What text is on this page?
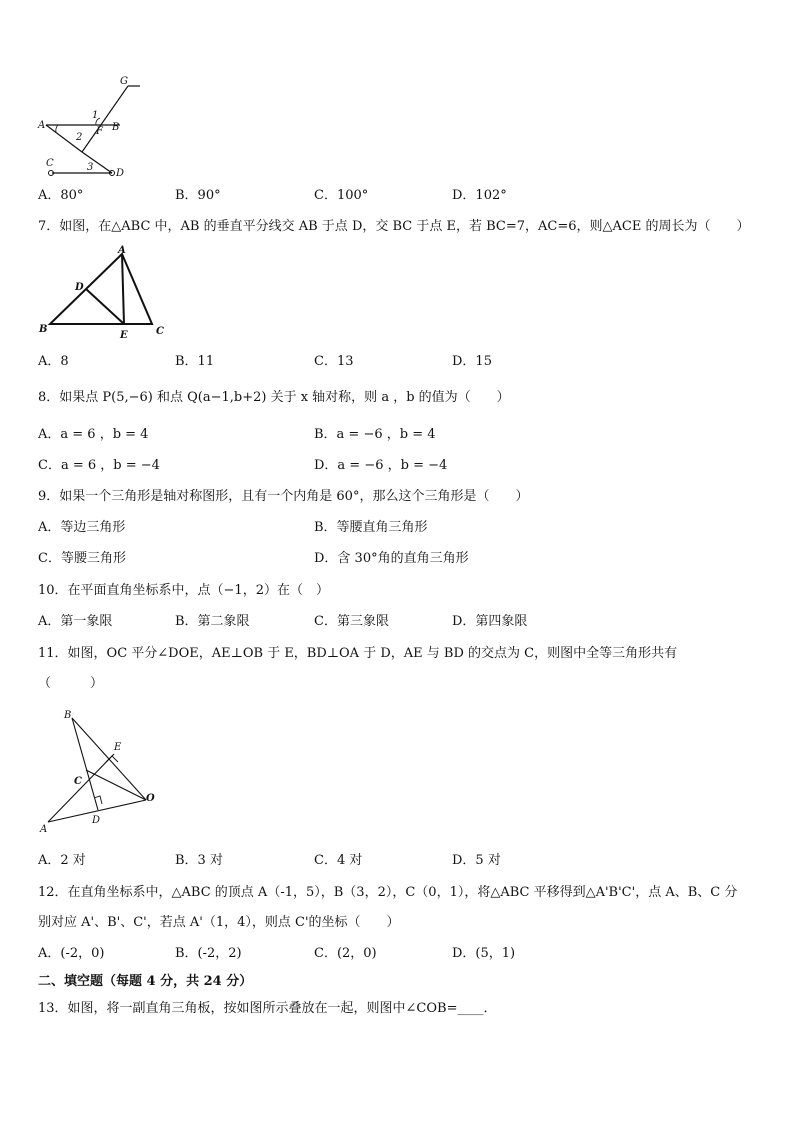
G
A	B
F
1
2
3
C
D
A．80°	B．90°	C．100°	D．102°
7．如图，在△ABC 中，AB 的垂直平分线交 AB 于点 D，交 BC 于点 E，若 BC=7，AC=6，则△ACE 的周长为（　　）
A
D
B
E	C
A．8	B．11	C．13	D．15
8．如果点 P(5,−6) 和点 Q(a−1,b+2) 关于 x 轴对称，则 a ，b 的值为（　　）
A．a = 6 ，b = 4	B．a = −6 ，b = 4
C．a = 6 ，b = −4	D．a = −6 ，b = −4
9．如果一个三角形是轴对称图形，且有一个内角是 60°，那么这个三角形是（　　）
A．等边三角形	B．等腰直角三角形
C．等腰三角形	D．含 30°角的直角三角形
10．在平面直角坐标系中，点（−1，2）在（　）
A．第一象限	B．第二象限	C．第三象限	D．第四象限
11．如图，OC 平分∠DOE，AE⊥OB 于 E，BD⊥OA 于 D，AE 与 BD 的交点为 C，则图中全等三角形共有
（　　　）
B
E
C
O
A
D
A．2 对	B．3 对	C．4 对	D．5 对
12．在直角坐标系中，△ABC 的顶点 A（-1，5），B（3，2），C（0，1），将△ABC 平移得到△A'B'C'，点 A、B、C 分
别对应 A'、B'、C'，若点 A'（1，4），则点 C'的坐标（　　）
A．(-2，0)	B．(-2，2)	C．(2，0)	D．(5，1)
二、填空题（每题 4 分，共 24 分）
13．如图，将一副直角三角板，按如图所示叠放在一起，则图中∠COB=____．
